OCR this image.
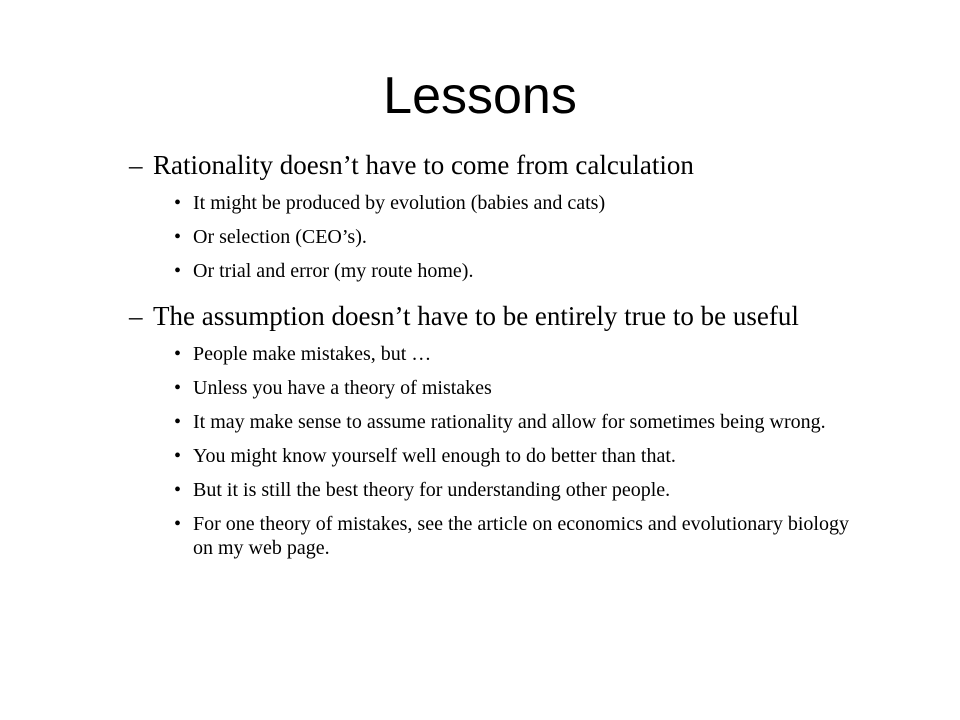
Lessons
– Rationality doesn’t have to come from calculation
• It might be produced by evolution (babies and cats)
• Or selection (CEO’s).
• Or trial and error (my route home).
– The assumption doesn’t have to be entirely true to be useful
• People make mistakes, but …
• Unless you have a theory of mistakes
• It may make sense to assume rationality and allow for sometimes being wrong.
• You might know yourself well enough to do better than that.
• But it is still the best theory for understanding other people.
• For one theory of mistakes, see the article on economics and evolutionary biology on my web page.
